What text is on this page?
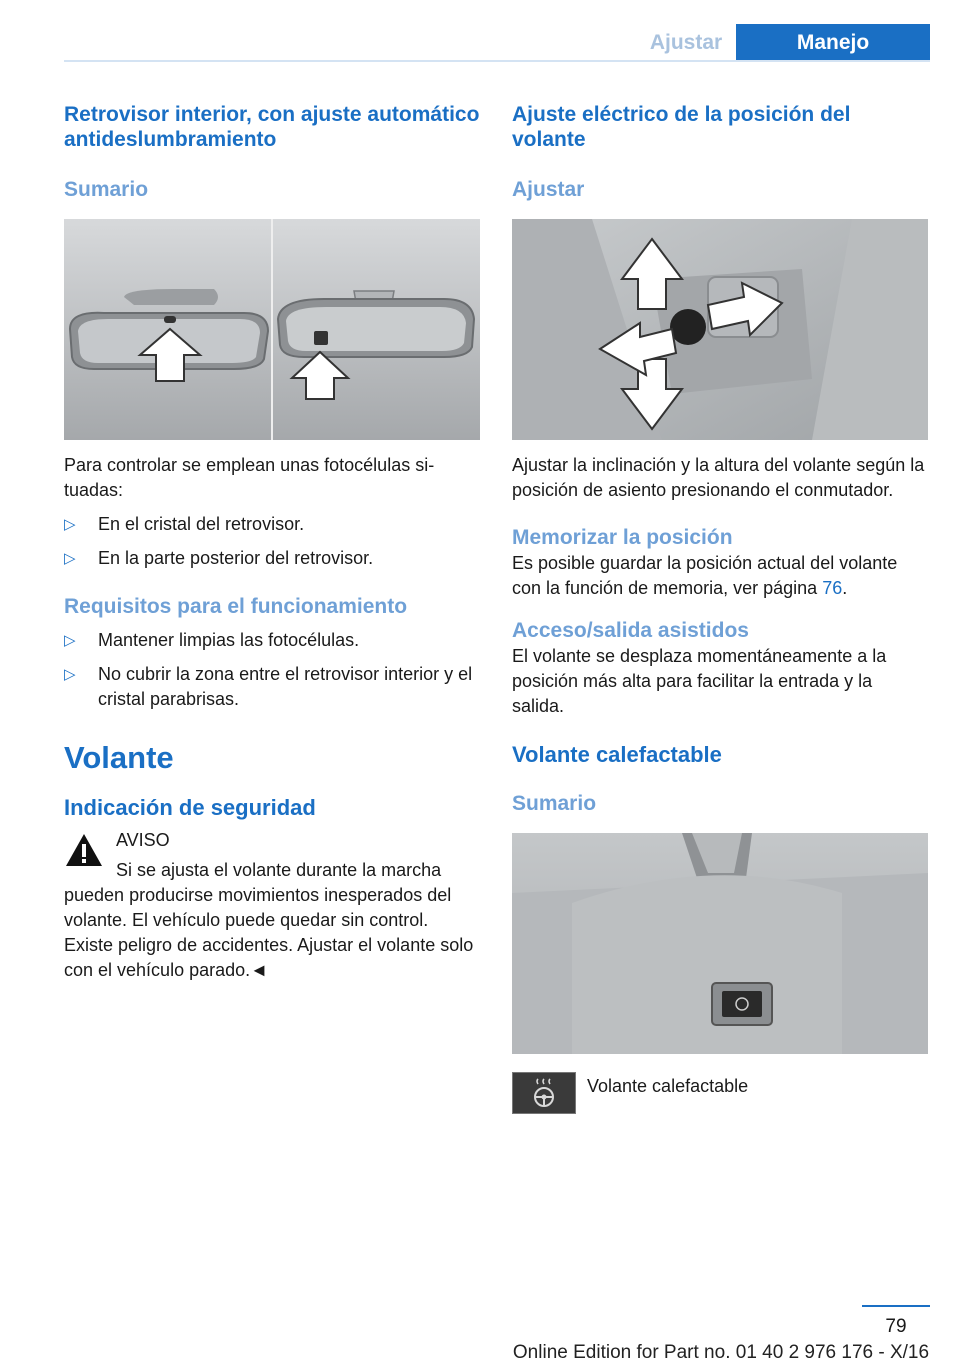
Ajustar	Manejo
Retrovisor interior, con ajuste automático antideslumbramiento
Sumario

Para controlar se emplean unas fotocélulas situadas:

▷ En el cristal del retrovisor.
▷ En la parte posterior del retrovisor.
Requisitos para el funcionamiento
▷ Mantener limpias las fotocélulas.
▷ No cubrir la zona entre el retrovisor interior y el cristal parabrisas.
Volante
Indicación de seguridad
AVISO

Si se ajusta el volante durante la marcha

pueden producirse movimientos inesperados del volante. El vehículo puede quedar sin control. Existe peligro de accidentes. Ajustar el volante solo con el vehículo parado.◄

Ajuste eléctrico de la posición del volante
Ajustar

Ajustar la inclinación y la altura del volante según la posición de asiento presionando el conmutador.

Memorizar la posición

Es posible guardar la posición actual del volante con la función de memoria, ver página 76.

Acceso/salida asistidos

El volante se desplaza momentáneamente a la posición más alta para facilitar la entrada y la salida.

Volante calefactable
Sumario
Volante calefactable
79
Online Edition for Part no. 01 40 2 976 176 - X/16
